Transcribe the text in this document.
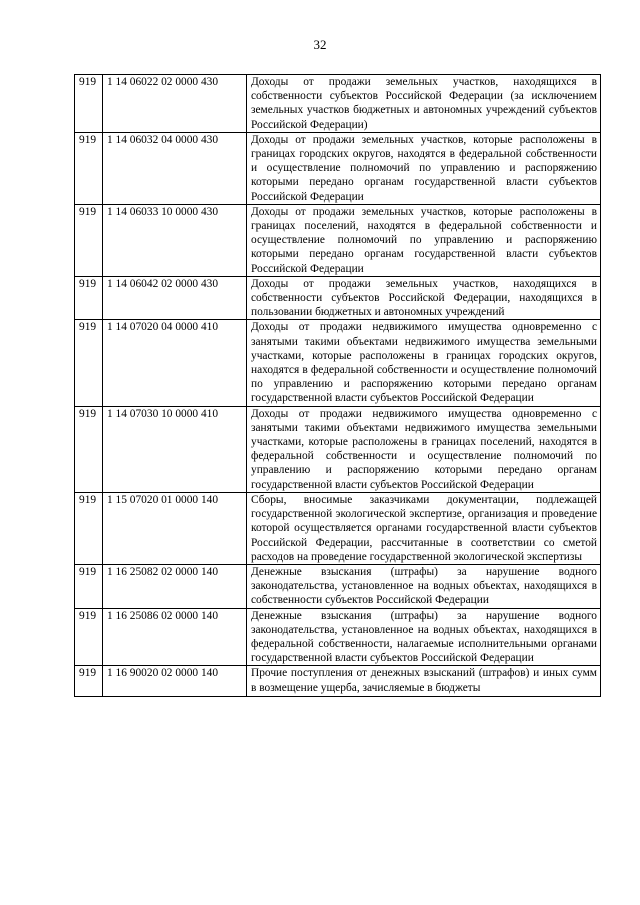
32
919	1 14 06022 02 0000 430	Доходы от продажи земельных участков, находящихся в собственности субъектов Российской Федерации (за исключением земельных участков бюджетных и автономных учреждений субъектов Российской Федерации)
919	1 14 06032 04 0000 430	Доходы от продажи земельных участков, которые расположены в границах городских округов, находятся в федеральной собственности и осуществление полномочий по управлению и распоряжению которыми передано органам государственной власти субъектов Российской Федерации
919	1 14 06033 10 0000 430	Доходы от продажи земельных участков, которые расположены в границах поселений, находятся в федеральной собственности и осуществление полномочий по управлению и распоряжению которыми передано органам государственной власти субъектов Российской Федерации
919	1 14 06042 02 0000 430	Доходы от продажи земельных участков, находящихся в собственности субъектов Российской Федерации, находящихся в пользовании бюджетных и автономных учреждений
919	1 14 07020 04 0000 410	Доходы от продажи недвижимого имущества одновременно с занятыми такими объектами недвижимого имущества земельными участками, которые расположены в границах городских округов, находятся в федеральной собственности и осуществление полномочий по управлению и распоряжению которыми передано органам государственной власти субъектов Российской Федерации
919	1 14 07030 10 0000 410	Доходы от продажи недвижимого имущества одновременно с занятыми такими объектами недвижимого имущества земельными участками, которые расположены в границах поселений, находятся в федеральной собственности и осуществление полномочий по управлению и распоряжению которыми передано органам государственной власти субъектов Российской Федерации
919	1 15 07020 01 0000 140	Сборы, вносимые заказчиками документации, подлежащей государственной экологической экспертизе, организация и проведение которой осуществляется органами государственной власти субъектов Российской Федерации, рассчитанные в соответствии со сметой расходов на проведение государственной экологической экспертизы
919	1 16 25082 02 0000 140	Денежные взыскания (штрафы) за нарушение водного законодательства, установленное на водных объектах, находящихся в собственности субъектов Российской Федерации
919	1 16 25086 02 0000 140	Денежные взыскания (штрафы) за нарушение водного законодательства, установленное на водных объектах, находящихся в федеральной собственности, налагаемые исполнительными органами государственной власти субъектов Российской Федерации
919	1 16 90020 02 0000 140	Прочие поступления от денежных взысканий (штрафов) и иных сумм в возмещение ущерба, зачисляемые в бюджеты
